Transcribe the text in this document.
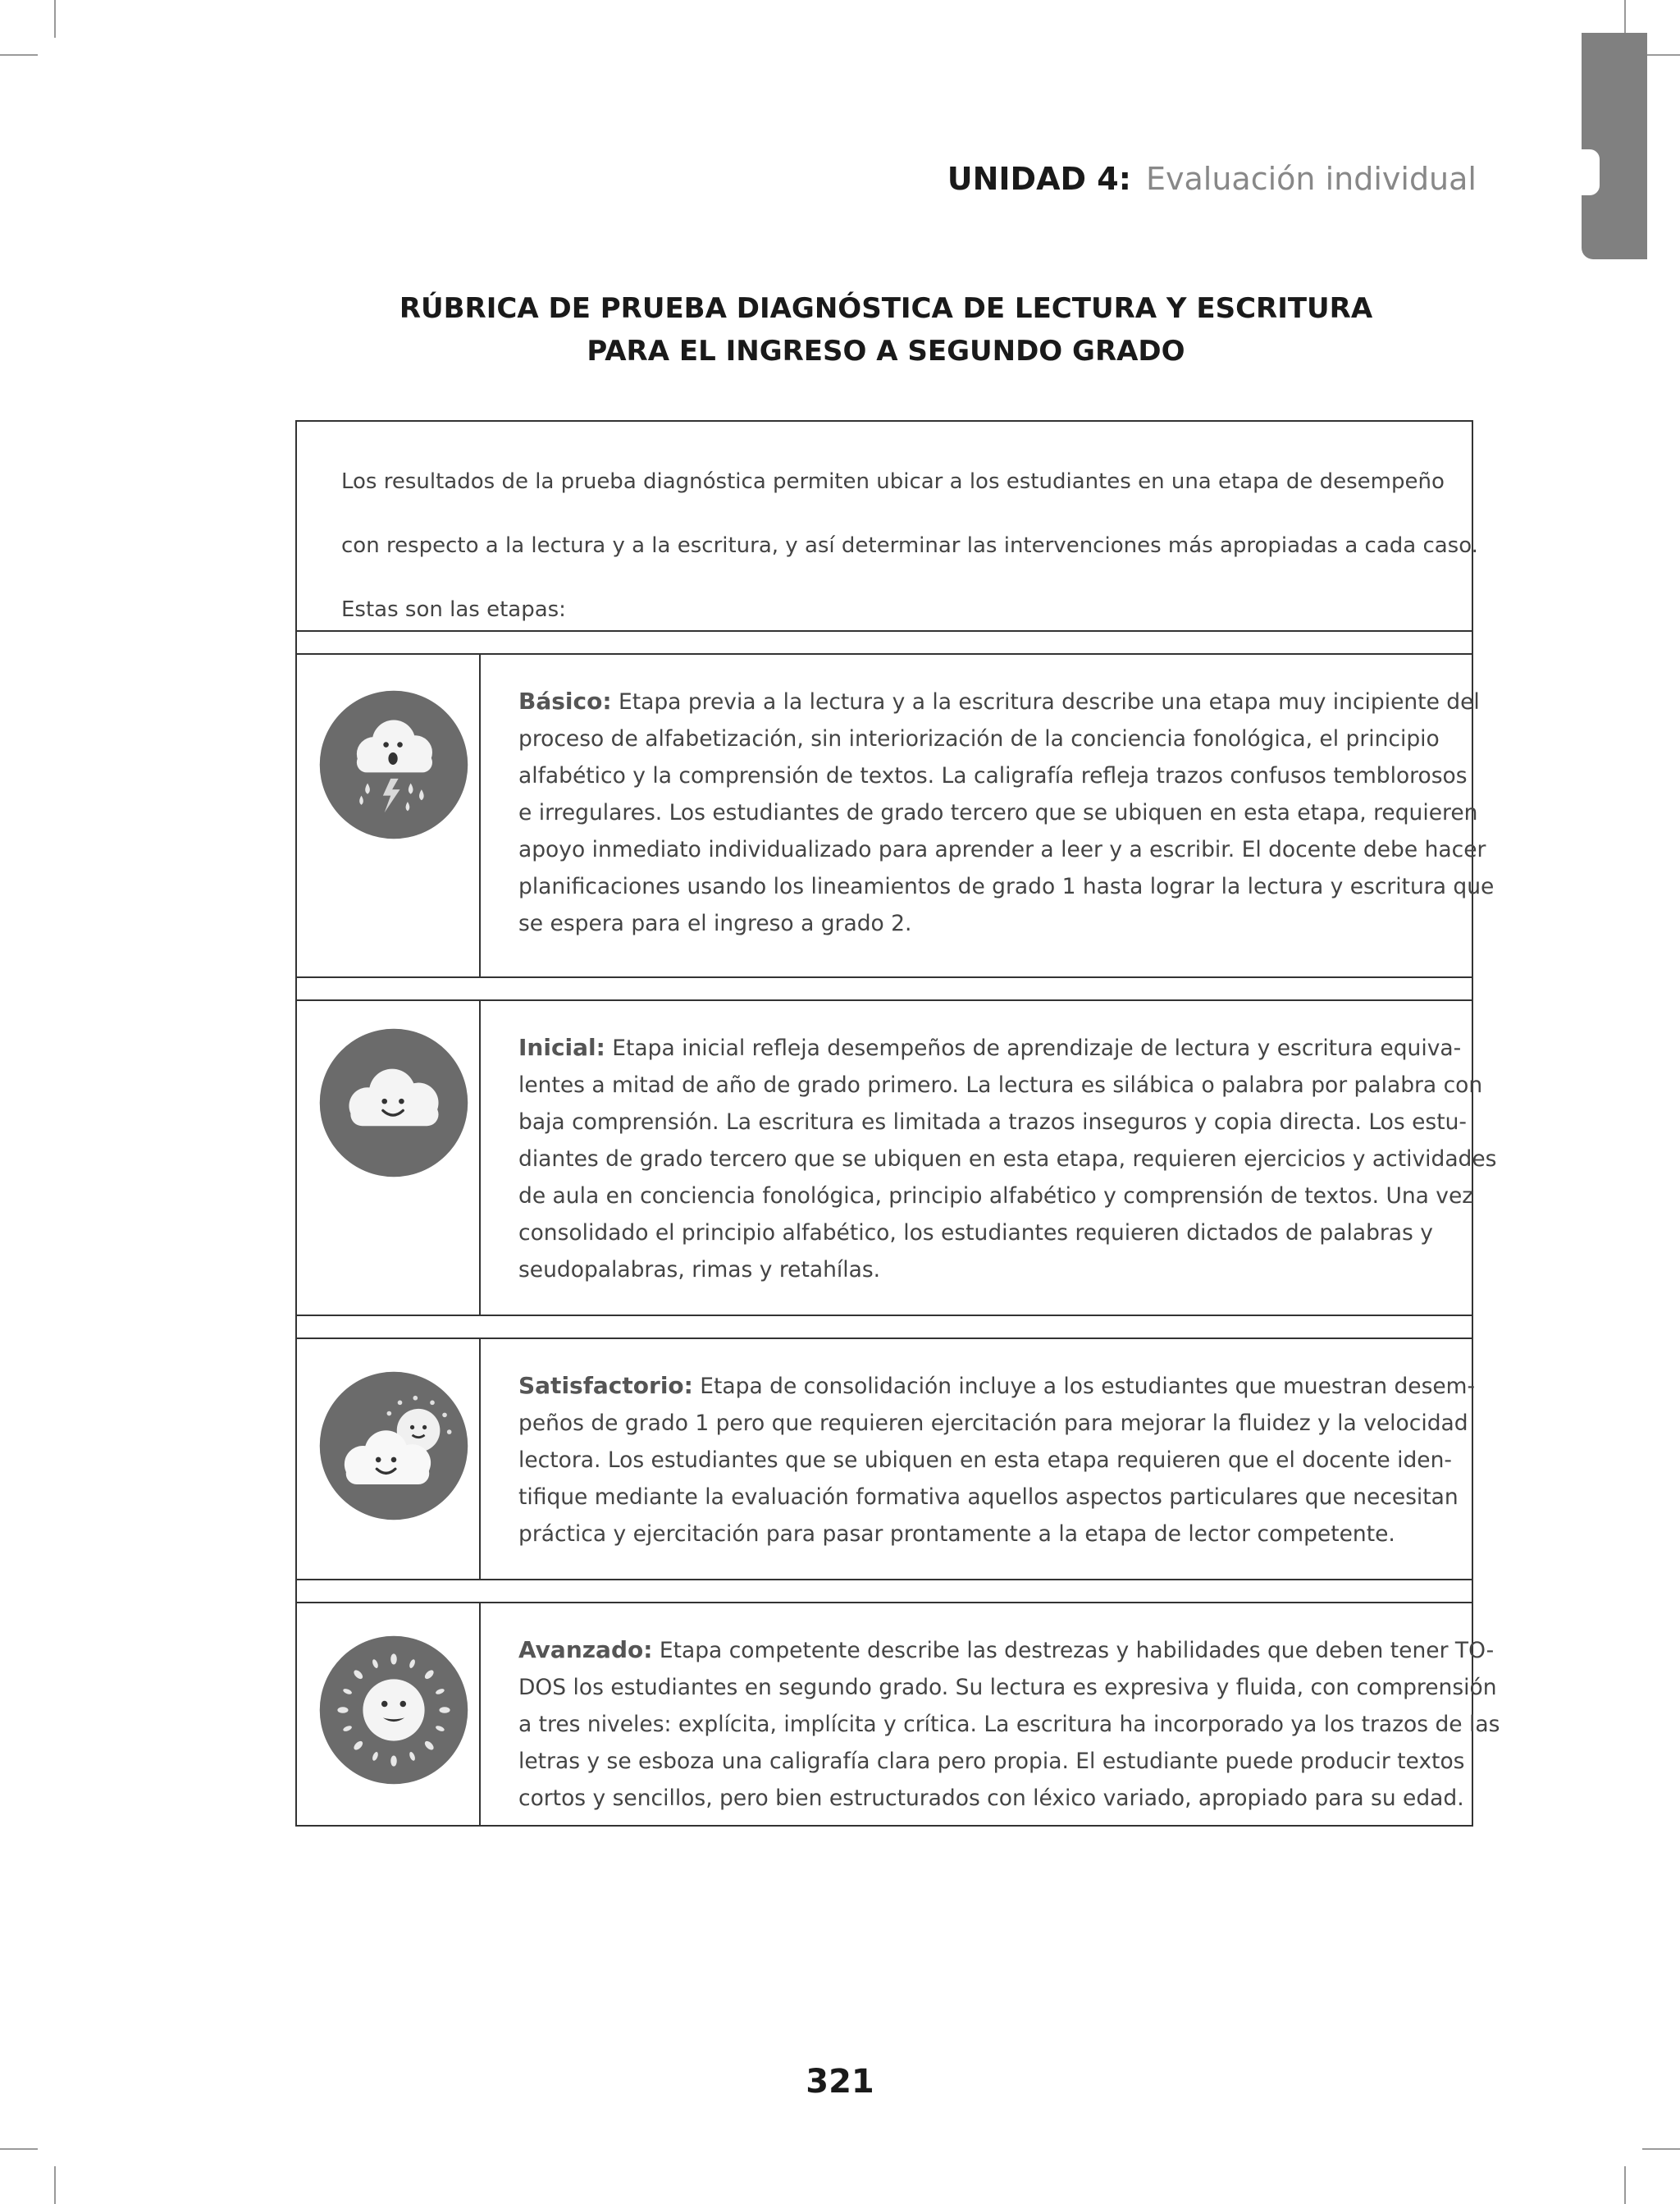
UNIDAD 4: Evaluación individual
RÚBRICA DE PRUEBA DIAGNÓSTICA DE LECTURA Y ESCRITURA
PARA EL INGRESO A SEGUNDO GRADO

Los resultados de la prueba diagnóstica permiten ubicar a los estudiantes en una etapa de desempeño

con respecto a la lectura y a la escritura, y así determinar las intervenciones más apropiadas a cada caso.

Estas son las etapas:

Básico: Etapa previa a la lectura y a la escritura describe una etapa muy incipiente del

proceso de alfabetización, sin interiorización de la conciencia fonológica, el principio

alfabético y la comprensión de textos. La caligrafía refleja trazos confusos temblorosos

e irregulares. Los estudiantes de grado tercero que se ubiquen en esta etapa, requieren

apoyo inmediato individualizado para aprender a leer y a escribir. El docente debe hacer

planificaciones usando los lineamientos de grado 1 hasta lograr la lectura y escritura que

se espera para el ingreso a grado 2.

Inicial: Etapa inicial refleja desempeños de aprendizaje de lectura y escritura equiva-

lentes a mitad de año de grado primero. La lectura es silábica o palabra por palabra con

baja comprensión. La escritura es limitada a trazos inseguros y copia directa. Los estu-

diantes de grado tercero que se ubiquen en esta etapa, requieren ejercicios y actividades

de aula en conciencia fonológica, principio alfabético y comprensión de textos. Una vez

consolidado el principio alfabético, los estudiantes requieren dictados de palabras y

seudopalabras, rimas y retahílas.

Satisfactorio: Etapa de consolidación incluye a los estudiantes que muestran desem-

peños de grado 1 pero que requieren ejercitación para mejorar la fluidez y la velocidad

lectora. Los estudiantes que se ubiquen en esta etapa requieren que el docente iden-

tifique mediante la evaluación formativa aquellos aspectos particulares que necesitan

práctica y ejercitación para pasar prontamente a la etapa de lector competente.

Avanzado: Etapa competente describe las destrezas y habilidades que deben tener TO-

DOS los estudiantes en segundo grado. Su lectura es expresiva y fluida, con comprensión

a tres niveles: explícita, implícita y crítica. La escritura ha incorporado ya los trazos de las

letras y se esboza una caligrafía clara pero propia. El estudiante puede producir textos

cortos y sencillos, pero bien estructurados con léxico variado, apropiado para su edad.

321
